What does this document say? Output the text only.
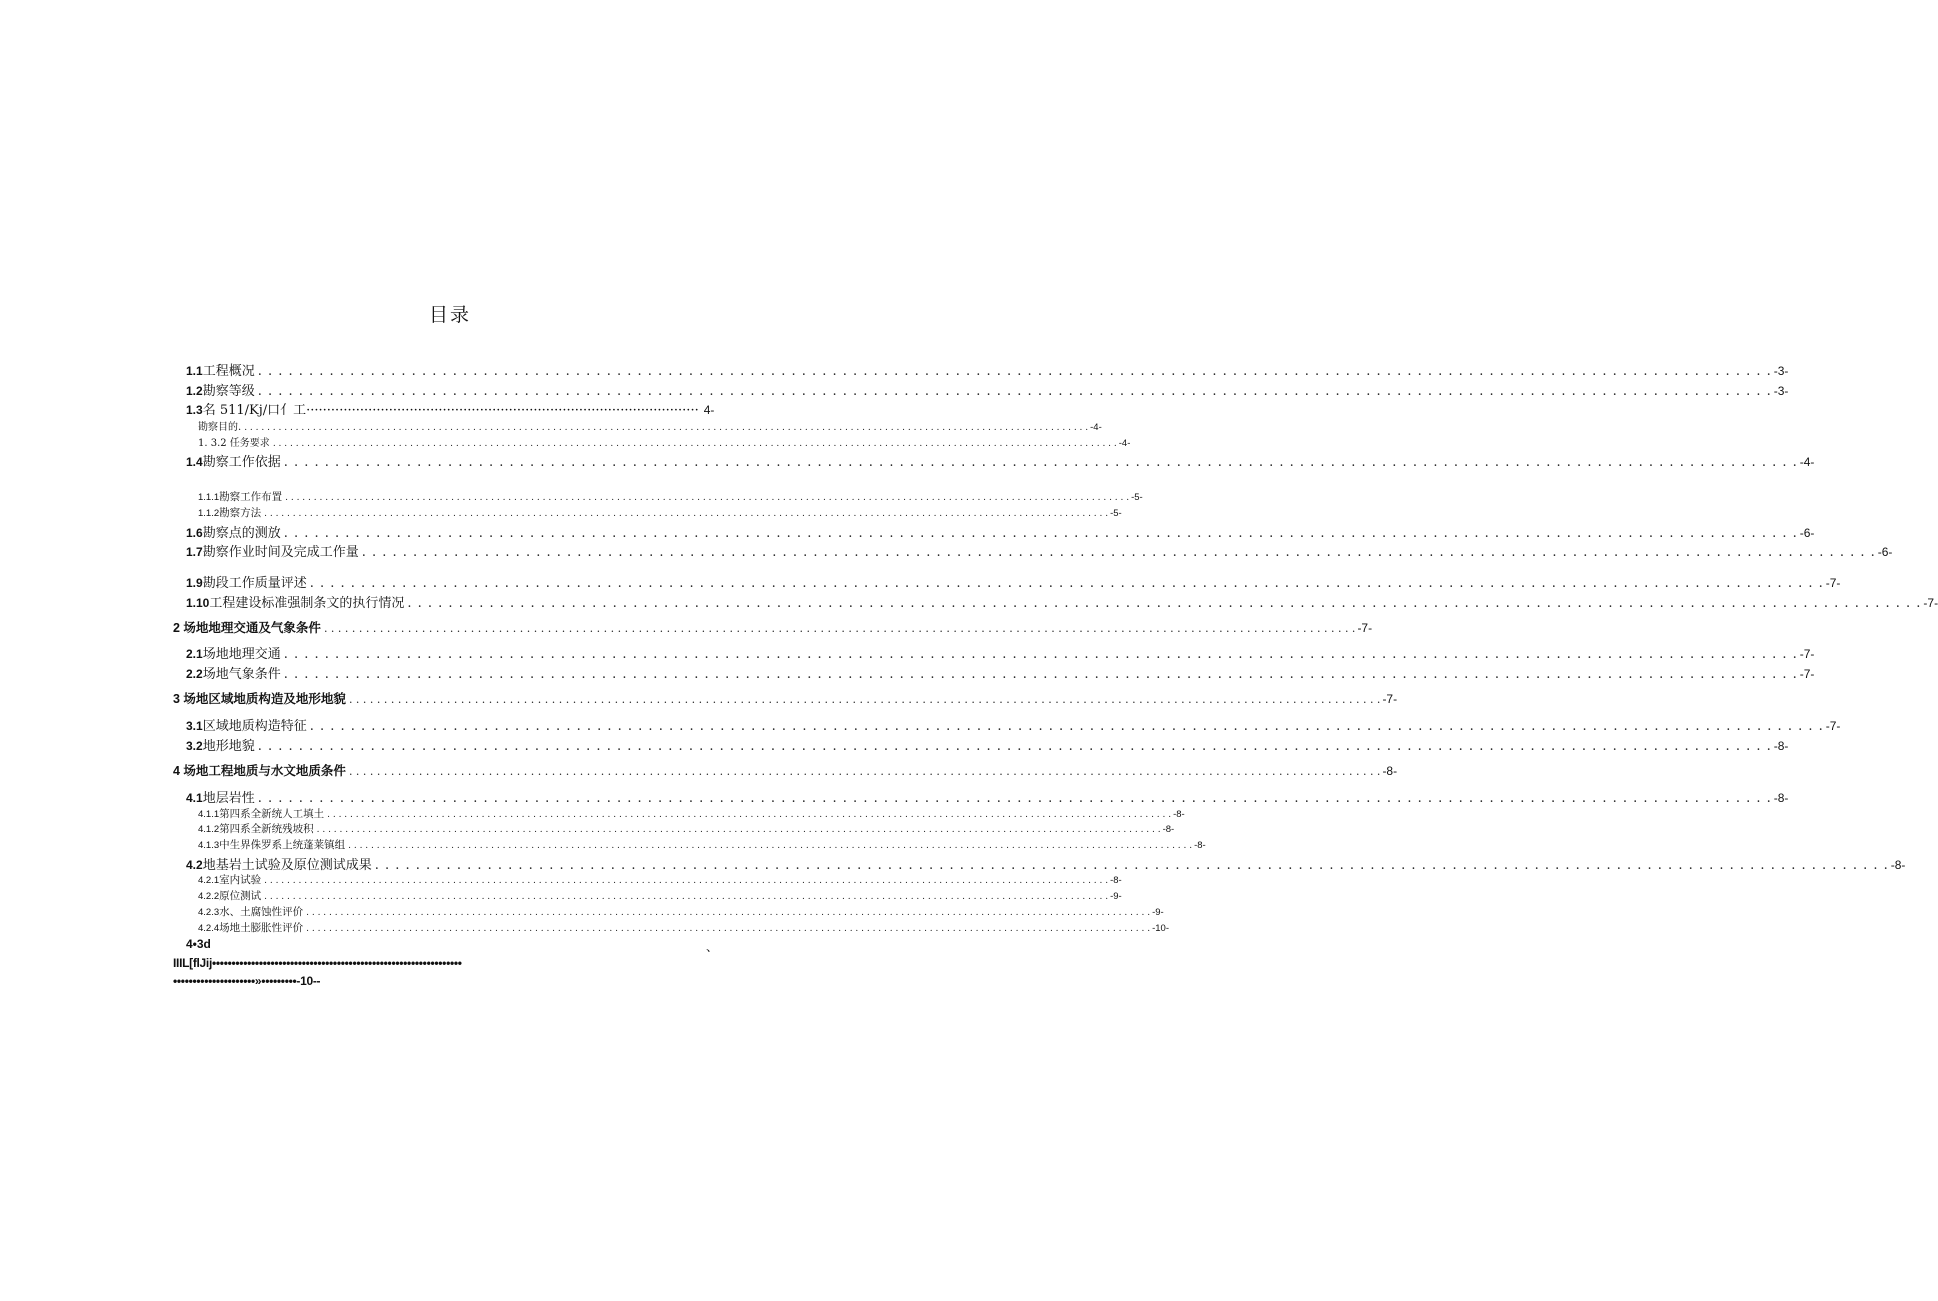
目录
1.1 工程概况 . . .	-3-
1.2 勘察等级 . . .	-3-
1.3 名 511/Kj/口亻工······························································································· 4-
勘察目的. . . .	-4-
1. 3.2 任务要求 . . .	-4-
1.4 勘察工作依据 . . .	-4-
1.1.1 勘察工作布置 . . .	-5-
1.1.2 勘察方法 . . .	-5-
1.6 勘察点的测放 . . .	-6-
1.7 勘察作业时间及完成工作量 . . .	-6-
1.9 勘段工作质量评述 . . .	-7-
1.10 工程建设标准强制条文的执行情况 . . .	-7-
2 场地地理交通及气象条件 . . .	-7-
2.1 场地地理交通 . . .	-7-
2.2 场地气象条件 . . .	-7-
3 场地区域地质构造及地形地貌 . . .	-7-
3.1 区域地质构造特征 . . .	-7-
3.2 地形地貌 . . .	-8-
4 场地工程地质与水文地质条件 . . .	-8-
4.1 地层岩性 . . .	-8-
4.1.1 第四系全新统人工填土 . . .	-8-
4.1.2 第四系全新统残坡积 . . .	-8-
4.1.3 中生界侏罗系上统蓬莱镇组 . . .	-8-
4.2 地基岩土试验及原位测试成果 . . .	-8-
4.2.1 室内试验 . . .	-8-
4.2.2 原位测试 . . .	-9-
4.2.3 水、土腐蚀性评价 . . .	-9-
4.2.4 场地土膨胀性评价 . . .	-10-
4•3d	、
IIIL[flJij••••••••••••••••••••••••••••••••••••••••••••••••••••••••••••••••
•••••••••••••••••••••»•••••••••-10--
